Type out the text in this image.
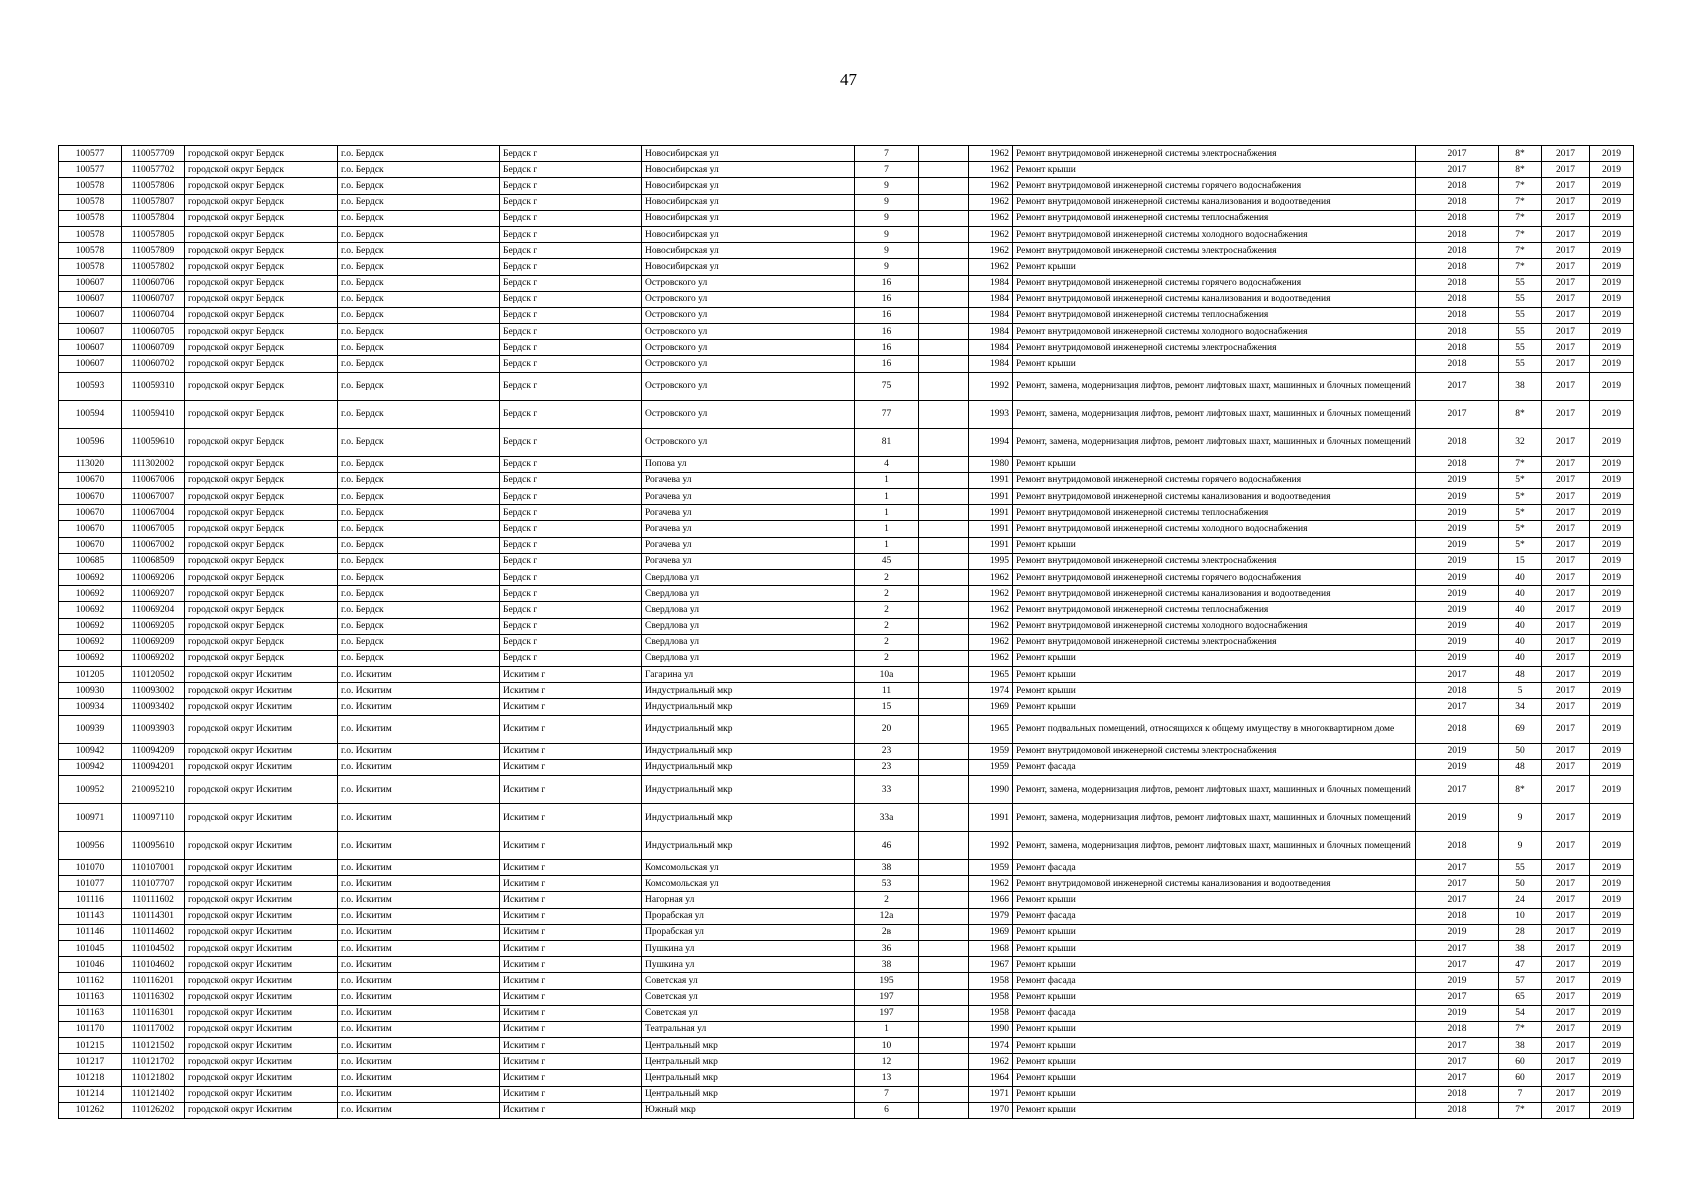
47
100577	110057709	городской округ Бердск	г.о. Бердск	Бердск г	Новосибирская ул	7		1962	Ремонт внутридомовой инженерной системы электроснабжения	2017	8*	2017	2019
100577	110057702	городской округ Бердск	г.о. Бердск	Бердск г	Новосибирская ул	7		1962	Ремонт крыши	2017	8*	2017	2019
100578	110057806	городской округ Бердск	г.о. Бердск	Бердск г	Новосибирская ул	9		1962	Ремонт внутридомовой инженерной системы горячего водоснабжения	2018	7*	2017	2019
100578	110057807	городской округ Бердск	г.о. Бердск	Бердск г	Новосибирская ул	9		1962	Ремонт внутридомовой инженерной системы канализования и водоотведения	2018	7*	2017	2019
100578	110057804	городской округ Бердск	г.о. Бердск	Бердск г	Новосибирская ул	9		1962	Ремонт внутридомовой инженерной системы теплоснабжения	2018	7*	2017	2019
100578	110057805	городской округ Бердск	г.о. Бердск	Бердск г	Новосибирская ул	9		1962	Ремонт внутридомовой инженерной системы холодного водоснабжения	2018	7*	2017	2019
100578	110057809	городской округ Бердск	г.о. Бердск	Бердск г	Новосибирская ул	9		1962	Ремонт внутридомовой инженерной системы электроснабжения	2018	7*	2017	2019
100578	110057802	городской округ Бердск	г.о. Бердск	Бердск г	Новосибирская ул	9		1962	Ремонт крыши	2018	7*	2017	2019
100607	110060706	городской округ Бердск	г.о. Бердск	Бердск г	Островского ул	16		1984	Ремонт внутридомовой инженерной системы горячего водоснабжения	2018	55	2017	2019
100607	110060707	городской округ Бердск	г.о. Бердск	Бердск г	Островского ул	16		1984	Ремонт внутридомовой инженерной системы канализования и водоотведения	2018	55	2017	2019
100607	110060704	городской округ Бердск	г.о. Бердск	Бердск г	Островского ул	16		1984	Ремонт внутридомовой инженерной системы теплоснабжения	2018	55	2017	2019
100607	110060705	городской округ Бердск	г.о. Бердск	Бердск г	Островского ул	16		1984	Ремонт внутридомовой инженерной системы холодного водоснабжения	2018	55	2017	2019
100607	110060709	городской округ Бердск	г.о. Бердск	Бердск г	Островского ул	16		1984	Ремонт внутридомовой инженерной системы электроснабжения	2018	55	2017	2019
100607	110060702	городской округ Бердск	г.о. Бердск	Бердск г	Островского ул	16		1984	Ремонт крыши	2018	55	2017	2019
100593	110059310	городской округ Бердск	г.о. Бердск	Бердск г	Островского ул	75		1992	Ремонт, замена, модернизация лифтов, ремонт лифтовых шахт, машинных и блочных помещений	2017	38	2017	2019
100594	110059410	городской округ Бердск	г.о. Бердск	Бердск г	Островского ул	77		1993	Ремонт, замена, модернизация лифтов, ремонт лифтовых шахт, машинных и блочных помещений	2017	8*	2017	2019
100596	110059610	городской округ Бердск	г.о. Бердск	Бердск г	Островского ул	81		1994	Ремонт, замена, модернизация лифтов, ремонт лифтовых шахт, машинных и блочных помещений	2018	32	2017	2019
113020	111302002	городской округ Бердск	г.о. Бердск	Бердск г	Попова ул	4		1980	Ремонт крыши	2018	7*	2017	2019
100670	110067006	городской округ Бердск	г.о. Бердск	Бердск г	Рогачева ул	1		1991	Ремонт внутридомовой инженерной системы горячего водоснабжения	2019	5*	2017	2019
100670	110067007	городской округ Бердск	г.о. Бердск	Бердск г	Рогачева ул	1		1991	Ремонт внутридомовой инженерной системы канализования и водоотведения	2019	5*	2017	2019
100670	110067004	городской округ Бердск	г.о. Бердск	Бердск г	Рогачева ул	1		1991	Ремонт внутридомовой инженерной системы теплоснабжения	2019	5*	2017	2019
100670	110067005	городской округ Бердск	г.о. Бердск	Бердск г	Рогачева ул	1		1991	Ремонт внутридомовой инженерной системы холодного водоснабжения	2019	5*	2017	2019
100670	110067002	городской округ Бердск	г.о. Бердск	Бердск г	Рогачева ул	1		1991	Ремонт крыши	2019	5*	2017	2019
100685	110068509	городской округ Бердск	г.о. Бердск	Бердск г	Рогачева ул	45		1995	Ремонт внутридомовой инженерной системы электроснабжения	2019	15	2017	2019
100692	110069206	городской округ Бердск	г.о. Бердск	Бердск г	Свердлова ул	2		1962	Ремонт внутридомовой инженерной системы горячего водоснабжения	2019	40	2017	2019
100692	110069207	городской округ Бердск	г.о. Бердск	Бердск г	Свердлова ул	2		1962	Ремонт внутридомовой инженерной системы канализования и водоотведения	2019	40	2017	2019
100692	110069204	городской округ Бердск	г.о. Бердск	Бердск г	Свердлова ул	2		1962	Ремонт внутридомовой инженерной системы теплоснабжения	2019	40	2017	2019
100692	110069205	городской округ Бердск	г.о. Бердск	Бердск г	Свердлова ул	2		1962	Ремонт внутридомовой инженерной системы холодного водоснабжения	2019	40	2017	2019
100692	110069209	городской округ Бердск	г.о. Бердск	Бердск г	Свердлова ул	2		1962	Ремонт внутридомовой инженерной системы электроснабжения	2019	40	2017	2019
100692	110069202	городской округ Бердск	г.о. Бердск	Бердск г	Свердлова ул	2		1962	Ремонт крыши	2019	40	2017	2019
101205	110120502	городской округ Искитим	г.о. Искитим	Искитим г	Гагарина ул	10а		1965	Ремонт крыши	2017	48	2017	2019
100930	110093002	городской округ Искитим	г.о. Искитим	Искитим г	Индустриальный мкр	11		1974	Ремонт крыши	2018	5	2017	2019
100934	110093402	городской округ Искитим	г.о. Искитим	Искитим г	Индустриальный мкр	15		1969	Ремонт крыши	2017	34	2017	2019
100939	110093903	городской округ Искитим	г.о. Искитим	Искитим г	Индустриальный мкр	20		1965	Ремонт подвальных помещений, относящихся к общему имуществу в многоквартирном доме	2018	69	2017	2019
100942	110094209	городской округ Искитим	г.о. Искитим	Искитим г	Индустриальный мкр	23		1959	Ремонт внутридомовой инженерной системы электроснабжения	2019	50	2017	2019
100942	110094201	городской округ Искитим	г.о. Искитим	Искитим г	Индустриальный мкр	23		1959	Ремонт фасада	2019	48	2017	2019
100952	210095210	городской округ Искитим	г.о. Искитим	Искитим г	Индустриальный мкр	33		1990	Ремонт, замена, модернизация лифтов, ремонт лифтовых шахт, машинных и блочных помещений	2017	8*	2017	2019
100971	110097110	городской округ Искитим	г.о. Искитим	Искитим г	Индустриальный мкр	33а		1991	Ремонт, замена, модернизация лифтов, ремонт лифтовых шахт, машинных и блочных помещений	2019	9	2017	2019
100956	110095610	городской округ Искитим	г.о. Искитим	Искитим г	Индустриальный мкр	46		1992	Ремонт, замена, модернизация лифтов, ремонт лифтовых шахт, машинных и блочных помещений	2018	9	2017	2019
101070	110107001	городской округ Искитим	г.о. Искитим	Искитим г	Комсомольская ул	38		1959	Ремонт фасада	2017	55	2017	2019
101077	110107707	городской округ Искитим	г.о. Искитим	Искитим г	Комсомольская ул	53		1962	Ремонт внутридомовой инженерной системы канализования и водоотведения	2017	50	2017	2019
101116	110111602	городской округ Искитим	г.о. Искитим	Искитим г	Нагорная ул	2		1966	Ремонт крыши	2017	24	2017	2019
101143	110114301	городской округ Искитим	г.о. Искитим	Искитим г	Прорабская ул	12а		1979	Ремонт фасада	2018	10	2017	2019
101146	110114602	городской округ Искитим	г.о. Искитим	Искитим г	Прорабская ул	2в		1969	Ремонт крыши	2019	28	2017	2019
101045	110104502	городской округ Искитим	г.о. Искитим	Искитим г	Пушкина ул	36		1968	Ремонт крыши	2017	38	2017	2019
101046	110104602	городской округ Искитим	г.о. Искитим	Искитим г	Пушкина ул	38		1967	Ремонт крыши	2017	47	2017	2019
101162	110116201	городской округ Искитим	г.о. Искитим	Искитим г	Советская ул	195		1958	Ремонт фасада	2019	57	2017	2019
101163	110116302	городской округ Искитим	г.о. Искитим	Искитим г	Советская ул	197		1958	Ремонт крыши	2017	65	2017	2019
101163	110116301	городской округ Искитим	г.о. Искитим	Искитим г	Советская ул	197		1958	Ремонт фасада	2019	54	2017	2019
101170	110117002	городской округ Искитим	г.о. Искитим	Искитим г	Театральная ул	1		1990	Ремонт крыши	2018	7*	2017	2019
101215	110121502	городской округ Искитим	г.о. Искитим	Искитим г	Центральный мкр	10		1974	Ремонт крыши	2017	38	2017	2019
101217	110121702	городской округ Искитим	г.о. Искитим	Искитим г	Центральный мкр	12		1962	Ремонт крыши	2017	60	2017	2019
101218	110121802	городской округ Искитим	г.о. Искитим	Искитим г	Центральный мкр	13		1964	Ремонт крыши	2017	60	2017	2019
101214	110121402	городской округ Искитим	г.о. Искитим	Искитим г	Центральный мкр	7		1971	Ремонт крыши	2018	7	2017	2019
101262	110126202	городской округ Искитим	г.о. Искитим	Искитим г	Южный мкр	6		1970	Ремонт крыши	2018	7*	2017	2019
